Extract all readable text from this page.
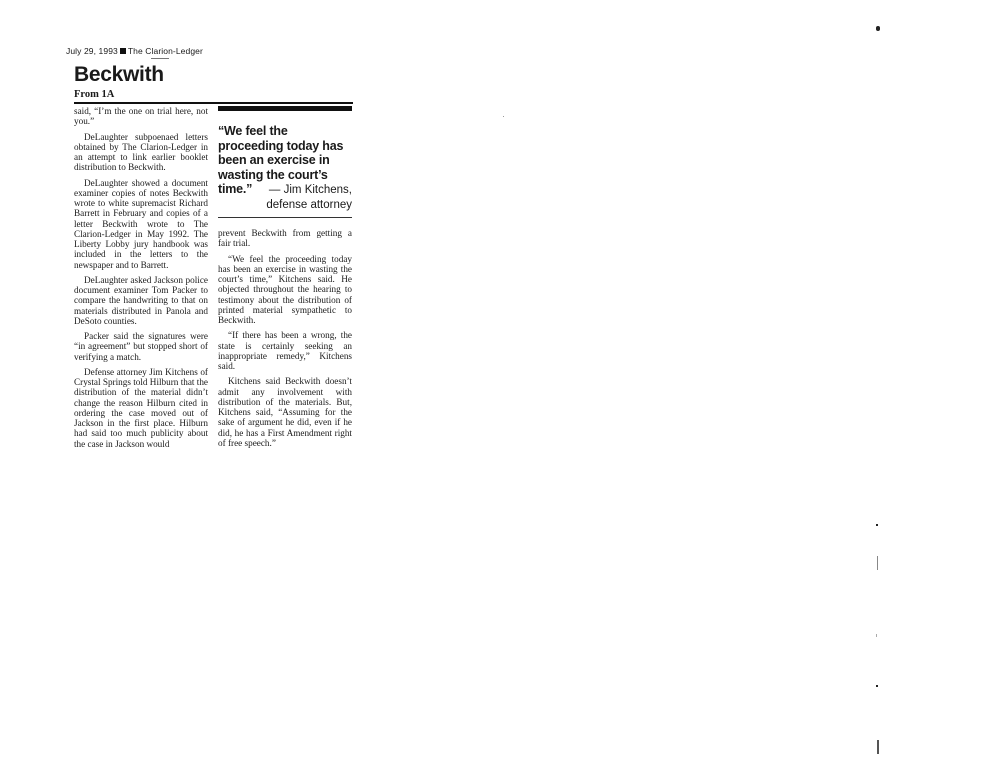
July 29, 1993 The Clarion-Ledger
Beckwith
From 1A

said, “I’m the one on trial here, not you.”

DeLaughter subpoenaed letters obtained by The Clarion-Ledger in an attempt to link earlier booklet distribution to Beckwith.

DeLaughter showed a document examiner copies of notes Beckwith wrote to white supremacist Richard Barrett in February and copies of a letter Beckwith wrote to The Clarion-Ledger in May 1992. The Liberty Lobby jury handbook was included in the letters to the newspaper and to Barrett.

DeLaughter asked Jackson police document examiner Tom Packer to compare the handwriting to that on materials distributed in Panola and DeSoto counties.

Packer said the signatures were “in agreement” but stopped short of verifying a match.

Defense attorney Jim Kitchens of Crystal Springs told Hilburn that the distribution of the material didn’t change the reason Hilburn cited in ordering the case moved out of Jackson in the first place. Hilburn had said too much publicity about the case in Jackson would

“We feel the proceeding today has been an exercise in wasting the court’s time.”	— Jim Kitchens,
defense attorney

prevent Beckwith from getting a fair trial.

“We feel the proceeding today has been an exercise in wasting the court’s time,” Kitchens said. He objected throughout the hearing to testimony about the distribution of printed material sympathetic to Beckwith.

“If there has been a wrong, the state is certainly seeking an inappropriate remedy,” Kitchens said.

Kitchens said Beckwith doesn’t admit any involvement with distribution of the materials. But, Kitchens said, “Assuming for the sake of argument he did, even if he did, he has a First Amendment right of free speech.”
